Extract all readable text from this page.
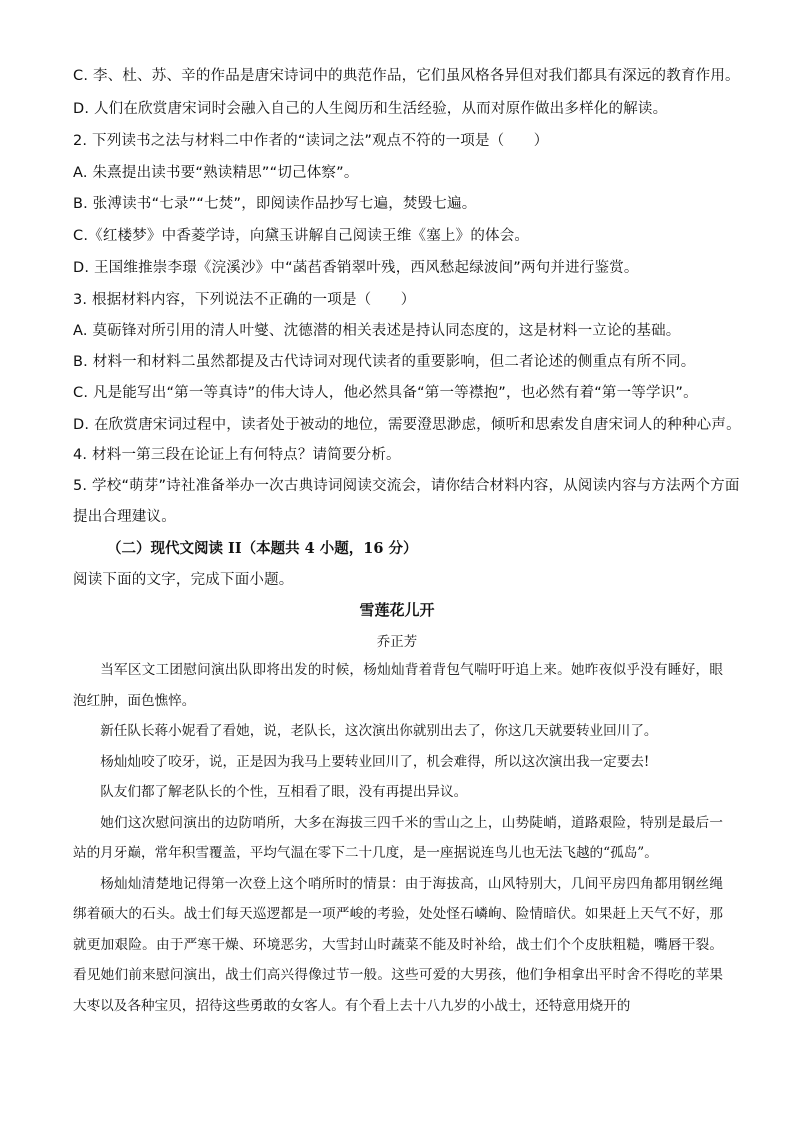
C. 李、杜、苏、辛的作品是唐宋诗词中的典范作品，它们虽风格各异但对我们都具有深远的教育作用。
D. 人们在欣赏唐宋词时会融入自己的人生阅历和生活经验，从而对原作做出多样化的解读。
2. 下列读书之法与材料二中作者的“读词之法”观点不符的一项是（　　）
A. 朱熹提出读书要“熟读精思”“切己体察”。
B. 张溥读书“七录”“七焚”，即阅读作品抄写七遍，焚毁七遍。
C.《红楼梦》中香菱学诗，向黛玉讲解自己阅读王维《塞上》的体会。
D. 王国维推崇李璟《浣溪沙》中“菡萏香销翠叶残，西风愁起绿波间”两句并进行鉴赏。
3. 根据材料内容，下列说法不正确的一项是（　　）
A. 莫砺锋对所引用的清人叶燮、沈德潜的相关表述是持认同态度的，这是材料一立论的基础。
B. 材料一和材料二虽然都提及古代诗词对现代读者的重要影响，但二者论述的侧重点有所不同。
C. 凡是能写出“第一等真诗”的伟大诗人，他必然具备“第一等襟抱”，也必然有着“第一等学识”。
D. 在欣赏唐宋词过程中，读者处于被动的地位，需要澄思渺虑，倾听和思索发自唐宋词人的种种心声。
4. 材料一第三段在论证上有何特点？请简要分析。
5. 学校“萌芽”诗社准备举办一次古典诗词阅读交流会，请你结合材料内容，从阅读内容与方法两个方面
提出合理建议。
（二）现代文阅读 II（本题共 4 小题，16 分）
阅读下面的文字，完成下面小题。
雪莲花儿开
乔正芳

当军区文工团慰问演出队即将出发的时候，杨灿灿背着背包气喘吁吁追上来。她昨夜似乎没有睡好，眼泡红肿，面色憔悴。

新任队长蒋小妮看了看她，说，老队长，这次演出你就别出去了，你这几天就要转业回川了。

杨灿灿咬了咬牙，说，正是因为我马上要转业回川了，机会难得，所以这次演出我一定要去!

队友们都了解老队长的个性，互相看了眼，没有再提出异议。

她们这次慰问演出的边防哨所，大多在海拔三四千米的雪山之上，山势陡峭，道路艰险，特别是最后一站的月牙巅，常年积雪覆盖，平均气温在零下二十几度，是一座据说连鸟儿也无法飞越的“孤岛”。

杨灿灿清楚地记得第一次登上这个哨所时的情景：由于海拔高，山风特别大，几间平房四角都用钢丝绳绑着硕大的石头。战士们每天巡逻都是一项严峻的考验，处处怪石嶙峋、险情暗伏。如果赶上天气不好，那就更加艰险。由于严寒干燥、环境恶劣，大雪封山时蔬菜不能及时补给，战士们个个皮肤粗糙，嘴唇干裂。看见她们前来慰问演出，战士们高兴得像过节一般。这些可爱的大男孩，他们争相拿出平时舍不得吃的苹果大枣以及各种宝贝，招待这些勇敢的女客人。有个看上去十八九岁的小战士，还特意用烧开的
